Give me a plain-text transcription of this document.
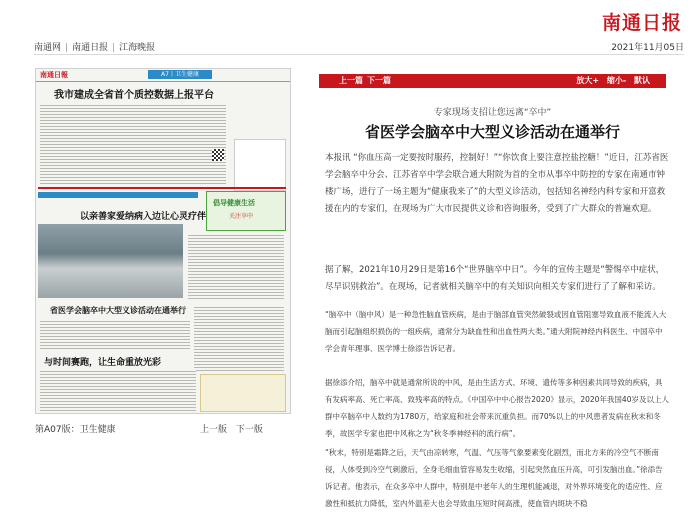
南通日报
南通网 | 南通日报 | 江海晚报	2021年11月05日
南通日報	A7丨卫生健康
我市建成全省首个质控数据上报平台
以亲善家爱纳病入边让心灵疗伴
倡导健康生活
关注卒中
省医学会脑卒中大型义诊活动在通举行
与时间赛跑，让生命重放光彩
第A07版：卫生健康	上一版 下一版
上一篇 下一篇	放大+ 缩小- 默认
专家现场支招让您远离“卒中”
省医学会脑卒中大型义诊活动在通举行

本报讯 “你血压高一定要按时服药，控制好！”“你饮食上要注意控盐控糖！”近日，江苏省医学会脑卒中分会、江苏省卒中学会联合通大附院为首的全市从事卒中防控的专家在南通市钟楼广场，进行了一场主题为“健康我来了”的大型义诊活动，包括知名神经内科专家和开富救援在内的专家们，在现场为广大市民提供义诊和咨询服务，受到了广大群众的普遍欢迎。

据了解，2021年10月29日是第16个“世界脑卒中日”。今年的宣传主题是“警惕卒中症状，尽早识别救治”。在现场，记者就相关脑卒中的有关知识向相关专家们进行了了解和采访。

“脑卒中（脑中风）是一种急性脑血管疾病，是由于脑部血管突然破裂或因血管阻塞导致血液不能流入大脑而引起脑组织损伤的一组疾病，通常分为缺血性和出血性两大类。”通大附院神经内科医生、中国卒中学会青年理事、医学博士徐添告诉记者。

据徐添介绍，脑卒中就是通常所说的中风，是由生活方式、环境、遗传等多种因素共同导致的疾病，具有发病率高、死亡率高、致残率高的特点。《中国卒中中心报告2020》显示，2020年我国40岁及以上人群中卒脑卒中人数约为1780万，给家庭和社会带来沉重负担。而70%以上的中风患者发病在秋末和冬季，故医学专家也把中风称之为“秋冬季神经科的流行病”。

“秋末，特别是霜降之后，天气由凉转寒，气温、气压等气象要素变化剧烈，而北方来的冷空气不断南侵，人体受到冷空气刺激后，全身毛细血管容易发生收缩，引起突然血压升高，可引发脑出血。”徐添告诉记者。他表示，在众多卒中人群中，特别是中老年人的生理机能减退，对外界环境变化的适应性、应激性和抵抗力降低，室内外温差大也会导致血压短时间高涨，使血管内斑块不稳
